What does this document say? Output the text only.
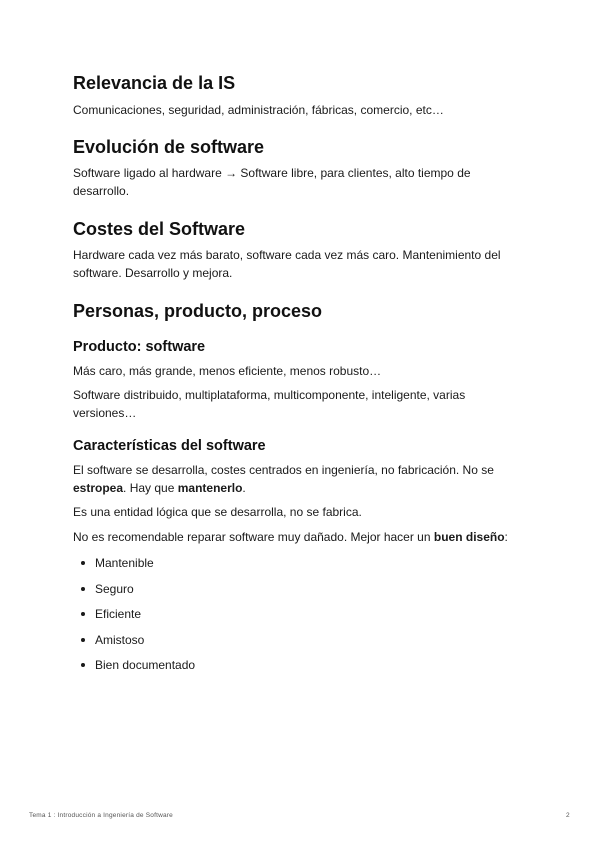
Relevancia de la IS

Comunicaciones, seguridad, administración, fábricas, comercio, etc…

Evolución de software

Software ligado al hardware → Software libre, para clientes, alto tiempo de desarrollo.

Costes del Software

Hardware cada vez más barato, software cada vez más caro. Mantenimiento del software. Desarrollo y mejora.

Personas, producto, proceso
Producto: software

Más caro, más grande, menos eficiente, menos robusto…

Software distribuido, multiplataforma, multicomponente, inteligente, varias versiones…

Características del software

El software se desarrolla, costes centrados en ingeniería, no fabricación. No se estropea. Hay que mantenerlo.

Es una entidad lógica que se desarrolla, no se fabrica.

No es recomendable reparar software muy dañado. Mejor hacer un buen diseño:

Mantenible
Seguro
Eficiente
Amistoso
Bien documentado
Tema 1 : Introducción a Ingeniería de Software	2
